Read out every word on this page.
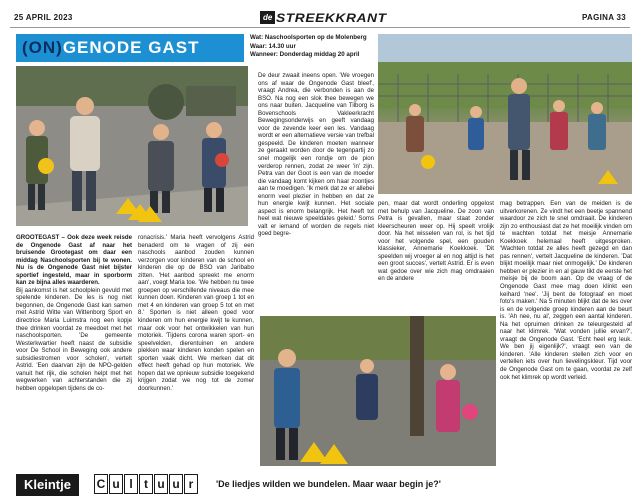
25 APRIL 2023	de STREEKKRANT	PAGINA 33
(ON) GENODE GAST
Wat: Naschoolsporten op de Molenberg
Waar: 14.30 uur
Wanneer: Donderdag middag 20 april
GROOTEGAST – Ook deze week reisde de Ongenode Gast af naar het bruisende Grootegast om daar een middag Naschoolsporten bij te wonen. Nu is de Ongenode Gast niet bijster sportief ingesteld, maar in sporborm kan ze bijna alles waarderen.

Bij aankomst is het schoolplein gevuld met spelende kinderen. De les is nog niet begonnen, de Ongenode Gast kan samen met Astrid Witte van Wittenborg Sport en directrice Maria Luimstra nog een kopje thee drinken voordat ze meedoet met het naschoolsporten. 'De gemeente Westerkwartier heeft naast de subsidie voor De School in Beweging ook andere subsidiestromen voor scholen', vertelt Astrid. 'Een daarvan zijn de NPO-gelden vanuit het rijk, die scholen helpt met het wegwerken van achterstanden die zij hebben opgelopen tijdens de co-

ronacrisis.' Maria heeft vervolgens Astrid benaderd om te vragen of zij een naschools aanbod zouden kunnen verzorgen voor kinderen van de school en kinderen die op de BSO van Jaribabo zitten. 'Het aanbod spreekt me enorm aan', voegt Maria toe. 'We hebben nu twee groepen op verschillende niveaus die mee kunnen doen. Kinderen van groep 1 tot en met 4 en kinderen van groep 5 tot en met 8.' Sporten is niet alleen goed voor kinderen om hun energie kwijt te kunnen, maar ook voor het ontwikkelen van hun motoriek. 'Tijdens corona waren sport- en speelvelden, dierentuinen en andere plekken waar kinderen konden spelen en sporten vaak dicht. We merken dat dit effect heeft gehad op hun motoriek. We hopen dat we opnieuw subsidie toegekend krijgen zodat we nog tot de zomer doorkunnen.'

De deur zwaait ineens open. 'We vroegen ons af waar de Ongenode Gast bleef', vraagt Andrea, die verbonden is aan de BSO. Na nog een slok thee bewegen we ons naar buiten. Jacqueline van Tilborg is Bovenschools Vakleerkracht Bewegingsonderwijs en geeft vandaag voor de zevende keer een les. Vandaag wordt er een alternatieve versie van trefbal gespeeld. De kinderen moeten wanneer ze geraakt worden door de tegenpartij zo snel mogelijk een rondje om de pion verderop rennen, zodat ze weer 'in' zijn. Petra van der Goot is een van de moeder die vandaag komt kijken om haar zoontjes aan te moedigen. 'Ik merk dat ze er allebei enorm veel plezier in hebben en dat ze hun energie kwijt kunnen. Het sociale aspect is enorm belangrijk. Het heeft tot heel wat nieuwe speeldates geleid.' Soms valt er iemand of worden de regels niet goed begre-

pen, maar dat wordt onderling opgelost met behulp van Jacqueline. De zoon van Petra is gevallen, maar staat zonder kleerscheuren weer op. Hij speelt vrolijk door. Na het wisselen van rol, is het tijd voor het volgende spel, een gouden klassieker, Annemarie Koekkoek. 'Dit speelden wij vroeger al en nog altijd is het een groot succes', vertelt Astrid. Er is even wat gedoe over wie zich mag omdraaien en de andere

mag betrappen. Een van de meiden is de uitverkorenen. Ze vindt het een beetje spannend waardoor ze zich te snel omdraait. De kinderen zijn zo enthousiast dat ze het moeilijk vinden om te wachten totdat het meisje Annemarie Koekkoek helemaal heeft uitgesproken. 'Wachten totdat ze alles heeft gezegd en dan pas rennen', vertelt Jacqueline de kinderen. 'Dat blijkt moeilijk maar niet onmogelijk.' De kinderen hebben er plezier in en al gauw tikt de eerste het meisje bij de boom aan. Op de vraag of de Ongenode Gast mee mag doen klinkt een keihard 'nee'. 'Jij bent de fotograaf en moet foto's maken.' Na 5 minuten blijkt dat de les over is en de volgende groep kinderen aan de beurt is. 'Ah nee, nu al', zeggen een aantal kinderen. Na het opruimen drinken ze teleurgesteld af naar het klimrek. 'Wat vonden jullie ervan?', vraagt de Ongenode Gast. 'Echt heel erg leuk. We ben jij eigenlijk?', vraagt een van de kinderen. 'Alle kinderen stellen zich voor en vertellen iets over hun lievelingskleur. Tijd voor de Ongenode Gast om te gaan, voordat ze zelf ook het klimrek op wordt verleid.

Kleintje	C u l t u u r	'De liedjes wilden we bundelen. Maar waar begin je?'
